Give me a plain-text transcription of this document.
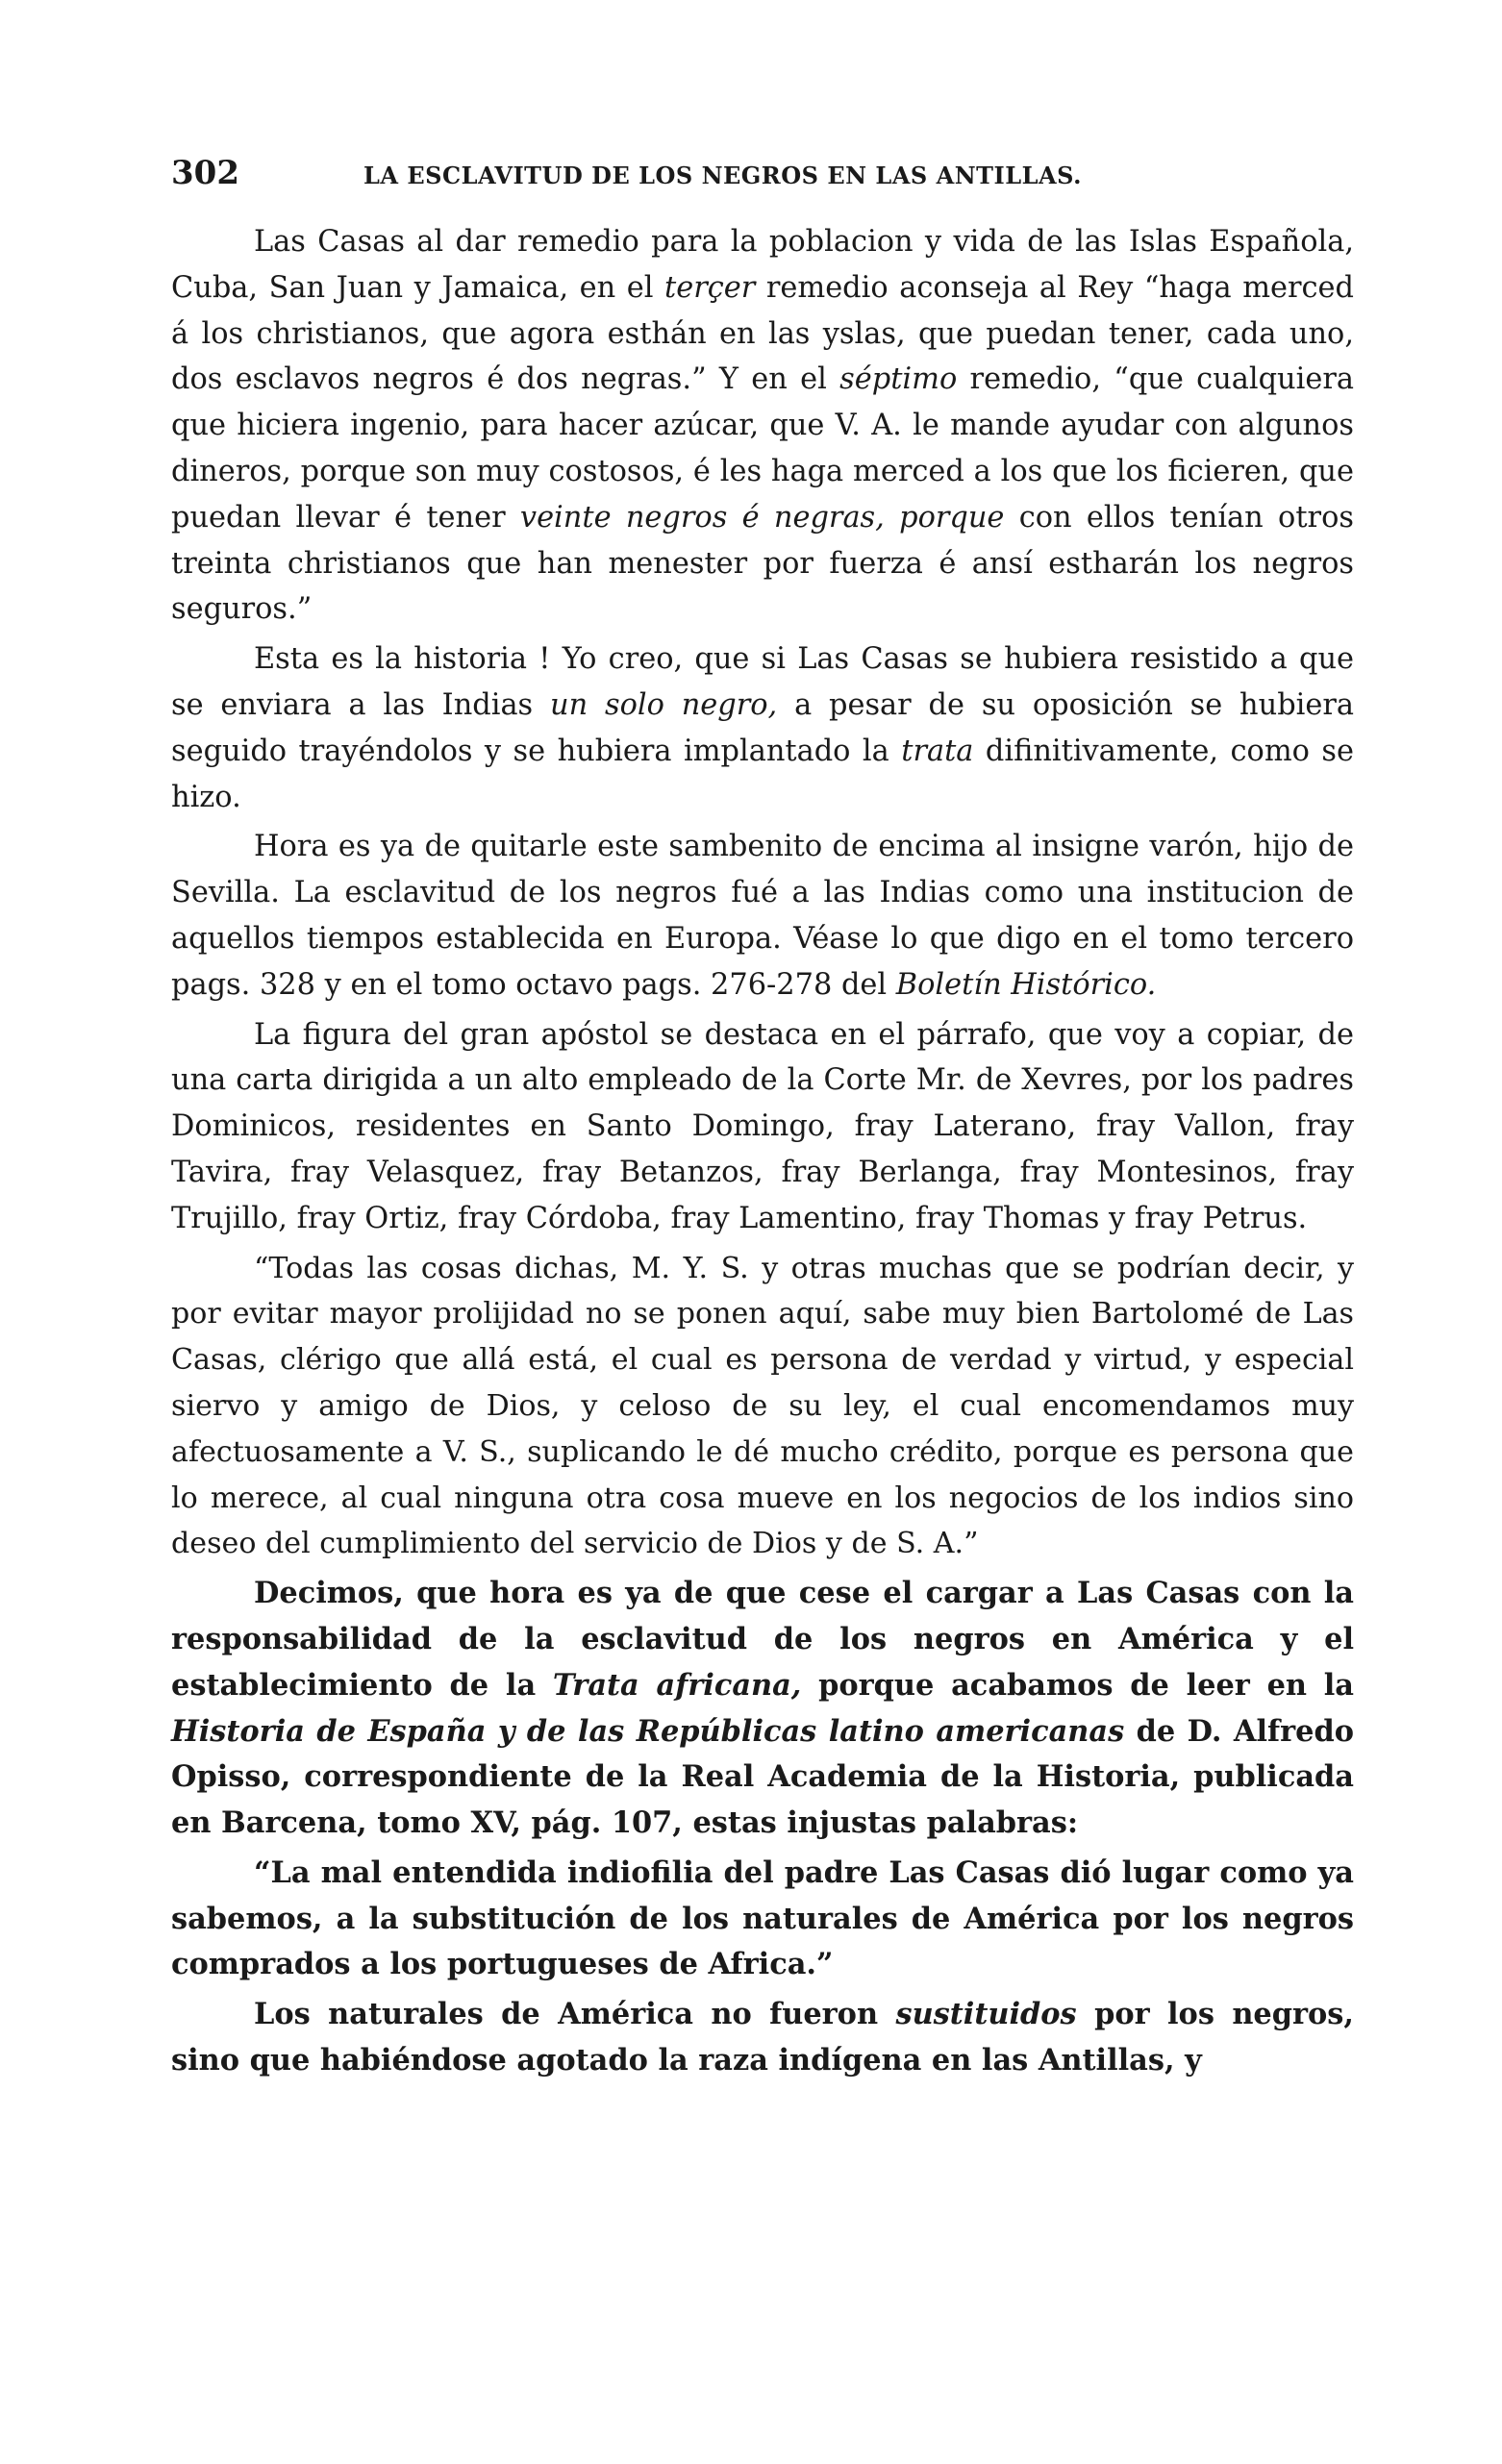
302	LA ESCLAVITUD DE LOS NEGROS EN LAS ANTILLAS.

Las Casas al dar remedio para la poblacion y vida de las Islas Española, Cuba, San Juan y Jamaica, en el terçer remedio aconseja al Rey “haga merced á los christianos, que agora esthán en las yslas, que puedan tener, cada uno, dos esclavos negros é dos negras.” Y en el séptimo remedio, “que cualquiera que hiciera ingenio, para hacer azúcar, que V. A. le mande ayudar con algunos dineros, porque son muy costosos, é les haga merced a los que los ficieren, que puedan llevar é tener veinte negros é negras, porque con ellos tenían otros treinta christianos que han menester por fuerza é ansí estharán los negros seguros.”

Esta es la historia ! Yo creo, que si Las Casas se hubiera resistido a que se enviara a las Indias un solo negro, a pesar de su oposición se hubiera seguido trayéndolos y se hubiera implantado la trata difinitivamente, como se hizo.

Hora es ya de quitarle este sambenito de encima al insigne varón, hijo de Sevilla. La esclavitud de los negros fué a las Indias como una institucion de aquellos tiempos establecida en Europa. Véase lo que digo en el tomo tercero pags. 328 y en el tomo octavo pags. 276-278 del Boletín Histórico.

La figura del gran apóstol se destaca en el párrafo, que voy a copiar, de una carta dirigida a un alto empleado de la Corte Mr. de Xevres, por los padres Dominicos, residentes en Santo Domingo, fray Laterano, fray Vallon, fray Tavira, fray Velasquez, fray Betanzos, fray Berlanga, fray Montesinos, fray Trujillo, fray Ortiz, fray Córdoba, fray Lamentino, fray Thomas y fray Petrus.

“Todas las cosas dichas, M. Y. S. y otras muchas que se podrían decir, y por evitar mayor prolijidad no se ponen aquí, sabe muy bien Bartolomé de Las Casas, clérigo que allá está, el cual es persona de verdad y virtud, y especial siervo y amigo de Dios, y celoso de su ley, el cual encomendamos muy afectuosamente a V. S., suplicando le dé mucho crédito, porque es persona que lo merece, al cual ninguna otra cosa mueve en los negocios de los indios sino deseo del cumplimiento del servicio de Dios y de S. A.”

Decimos, que hora es ya de que cese el cargar a Las Casas con la responsabilidad de la esclavitud de los negros en América y el establecimiento de la Trata africana, porque acabamos de leer en la Historia de España y de las Repúblicas latino americanas de D. Alfredo Opisso, correspondiente de la Real Academia de la Historia, publicada en Barcena, tomo XV, pág. 107, estas injustas palabras:

“La mal entendida indiofilia del padre Las Casas dió lugar como ya sabemos, a la substitución de los naturales de América por los negros comprados a los portugueses de Africa.”

Los naturales de América no fueron sustituidos por los negros, sino que habiéndose agotado la raza indígena en las Antillas, y
